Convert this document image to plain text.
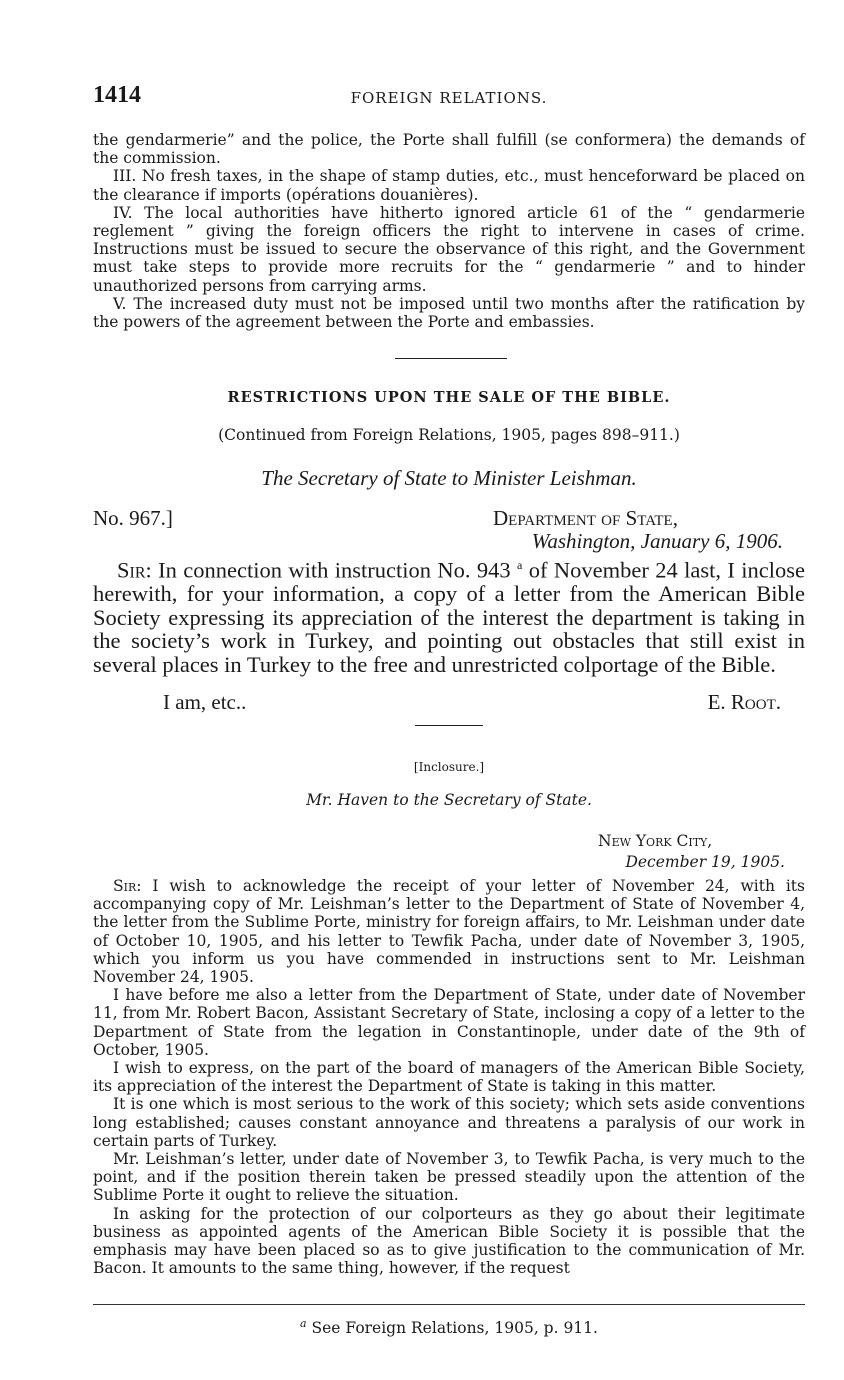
1414	FOREIGN RELATIONS.

the gendarmerie” and the police, the Porte shall fulfill (se conformera) the demands of the commission.

III. No fresh taxes, in the shape of stamp duties, etc., must henceforward be placed on the clearance if imports (opérations douanières).

IV. The local authorities have hitherto ignored article 61 of the “ gendarmerie reglement ” giving the foreign officers the right to intervene in cases of crime. Instructions must be issued to secure the observance of this right, and the Government must take steps to provide more recruits for the “ gendarmerie ” and to hinder unauthorized persons from carrying arms.

V. The increased duty must not be imposed until two months after the ratification by the powers of the agreement between the Porte and embassies.

RESTRICTIONS UPON THE SALE OF THE BIBLE.
(Continued from Foreign Relations, 1905, pages 898–911.)
The Secretary of State to Minister Leishman.
No. 967.]	Department of State,
Washington, January 6, 1906.

Sir: In connection with instruction No. 943 $^a$ of November 24 last, I inclose herewith, for your information, a copy of a letter from the American Bible Society expressing its appreciation of the interest the department is taking in the society’s work in Turkey, and pointing out obstacles that still exist in several places in Turkey to the free and unrestricted colportage of the Bible.

I am, etc..	E. Root.
[Inclosure.]
Mr. Haven to the Secretary of State.
New York City,
December 19, 1905.

Sir: I wish to acknowledge the receipt of your letter of November 24, with its accompanying copy of Mr. Leishman’s letter to the Department of State of November 4, the letter from the Sublime Porte, ministry for foreign affairs, to Mr. Leishman under date of October 10, 1905, and his letter to Tewfik Pacha, under date of November 3, 1905, which you inform us you have commended in instructions sent to Mr. Leishman November 24, 1905.

I have before me also a letter from the Department of State, under date of November 11, from Mr. Robert Bacon, Assistant Secretary of State, inclosing a copy of a letter to the Department of State from the legation in Constantinople, under date of the 9th of October, 1905.

I wish to express, on the part of the board of managers of the American Bible Society, its appreciation of the interest the Department of State is taking in this matter.

It is one which is most serious to the work of this society; which sets aside conventions long established; causes constant annoyance and threatens a paralysis of our work in certain parts of Turkey.

Mr. Leishman’s letter, under date of November 3, to Tewfik Pacha, is very much to the point, and if the position therein taken be pressed steadily upon the attention of the Sublime Porte it ought to relieve the situation.

In asking for the protection of our colporteurs as they go about their legitimate business as appointed agents of the American Bible Society it is possible that the emphasis may have been placed so as to give justification to the communication of Mr. Bacon. It amounts to the same thing, however, if the request

$^a$ See Foreign Relations, 1905, p. 911.
